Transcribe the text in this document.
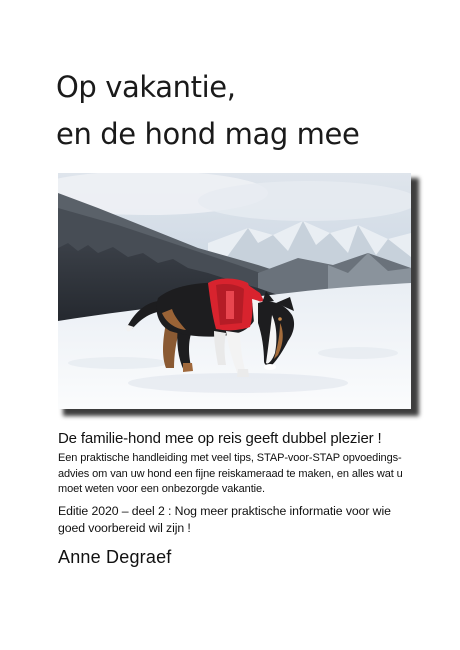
Op vakantie,
en de hond mag mee

De familie-hond mee op reis geeft dubbel plezier !

Een praktische handleiding met veel tips, STAP-voor-STAP opvoedings-advies om van uw hond een fijne reiskameraad te maken, en alles wat u moet weten voor een onbezorgde vakantie.

Editie 2020 – deel 2 : Nog meer praktische informatie voor wie goed voorbereid wil zijn !

Anne Degraef
